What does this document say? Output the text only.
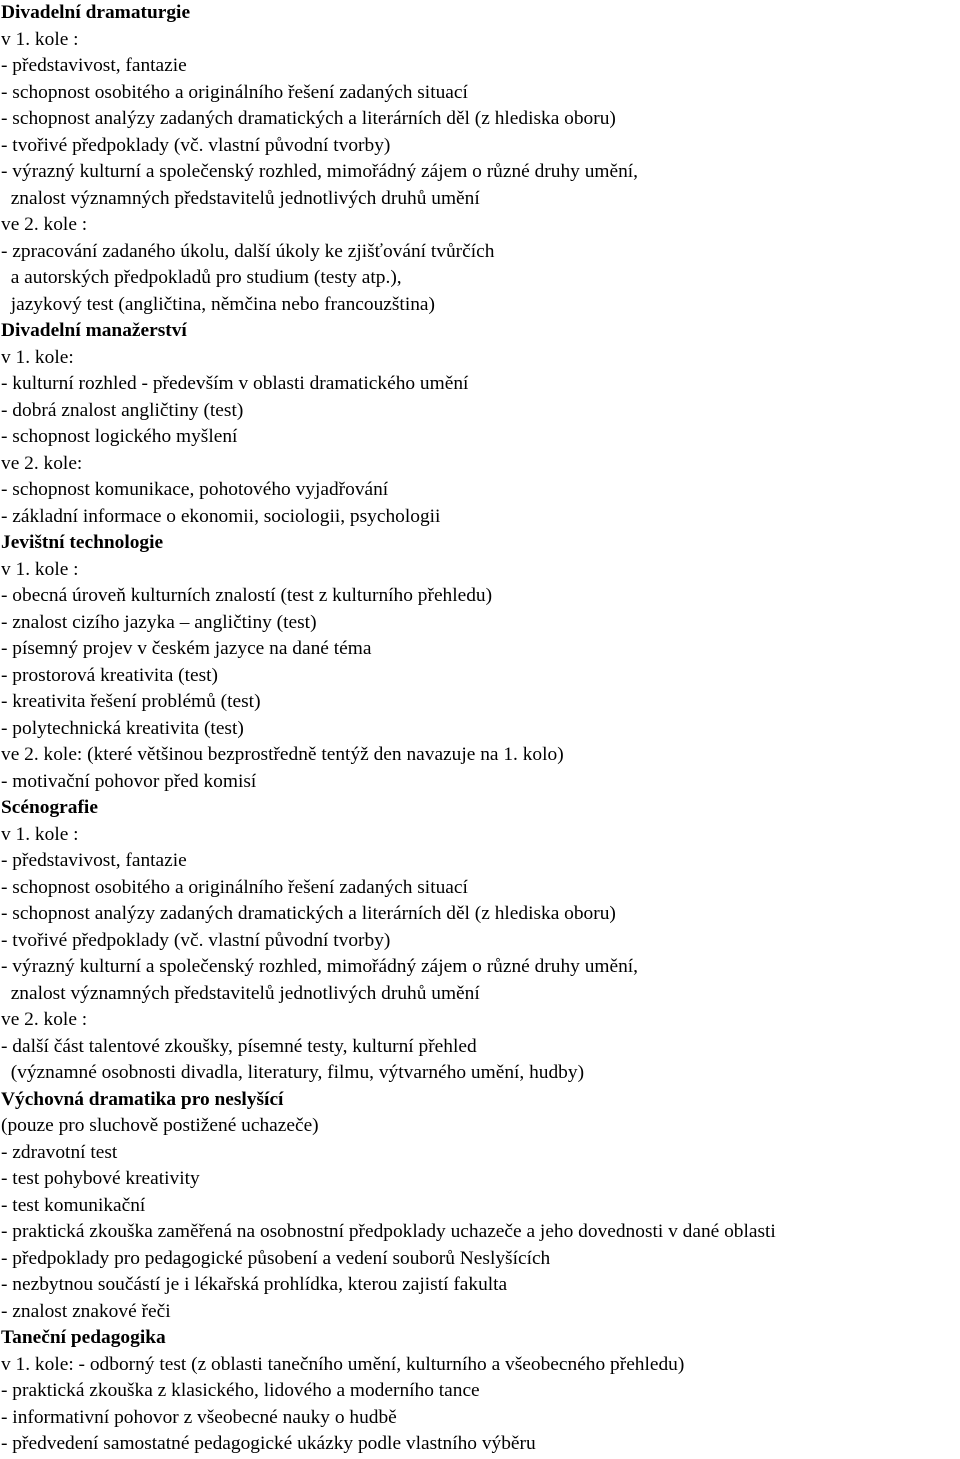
Divadelní dramaturgie
v 1. kole :
- představivost, fantazie
- schopnost osobitého a originálního řešení zadaných situací
- schopnost analýzy zadaných dramatických a literárních děl (z hlediska oboru)
- tvořivé předpoklady (vč. vlastní původní tvorby)
- výrazný kulturní a společenský rozhled, mimořádný zájem o různé druhy umění,
znalost významných představitelů jednotlivých druhů umění
ve 2. kole :
- zpracování zadaného úkolu, další úkoly ke zjišťování tvůrčích
a autorských předpokladů pro studium (testy atp.),
jazykový test (angličtina, němčina nebo francouzština)
Divadelní manažerství
v 1. kole:
- kulturní rozhled - především v oblasti dramatického umění
- dobrá znalost angličtiny (test)
- schopnost logického myšlení
ve 2. kole:
- schopnost komunikace, pohotového vyjadřování
- základní informace o ekonomii, sociologii, psychologii
Jevištní technologie
v 1. kole :
- obecná úroveň kulturních znalostí (test z kulturního přehledu)
- znalost cizího jazyka – angličtiny (test)
- písemný projev v českém jazyce na dané téma
- prostorová kreativita (test)
- kreativita řešení problémů (test)
- polytechnická kreativita (test)
ve 2. kole: (které většinou bezprostředně tentýž den navazuje na 1. kolo)
- motivační pohovor před komisí
Scénografie
v 1. kole :
- představivost, fantazie
- schopnost osobitého a originálního řešení zadaných situací
- schopnost analýzy zadaných dramatických a literárních děl (z hlediska oboru)
- tvořivé předpoklady (vč. vlastní původní tvorby)
- výrazný kulturní a společenský rozhled, mimořádný zájem o různé druhy umění,
znalost významných představitelů jednotlivých druhů umění
ve 2. kole :
- další část talentové zkoušky, písemné testy, kulturní přehled
(významné osobnosti divadla, literatury, filmu, výtvarného umění, hudby)
Výchovná dramatika pro neslyšící
(pouze pro sluchově postižené uchazeče)
- zdravotní test
- test pohybové kreativity
- test komunikační
- praktická zkouška zaměřená na osobnostní předpoklady uchazeče a jeho dovednosti v dané oblasti
- předpoklady pro pedagogické působení a vedení souborů Neslyšících
- nezbytnou součástí je i lékařská prohlídka, kterou zajistí fakulta
- znalost znakové řeči
Taneční pedagogika
v 1. kole: - odborný test (z oblasti tanečního umění, kulturního a všeobecného přehledu)
- praktická zkouška z klasického, lidového a moderního tance
- informativní pohovor z všeobecné nauky o hudbě
- předvedení samostatné pedagogické ukázky podle vlastního výběru
